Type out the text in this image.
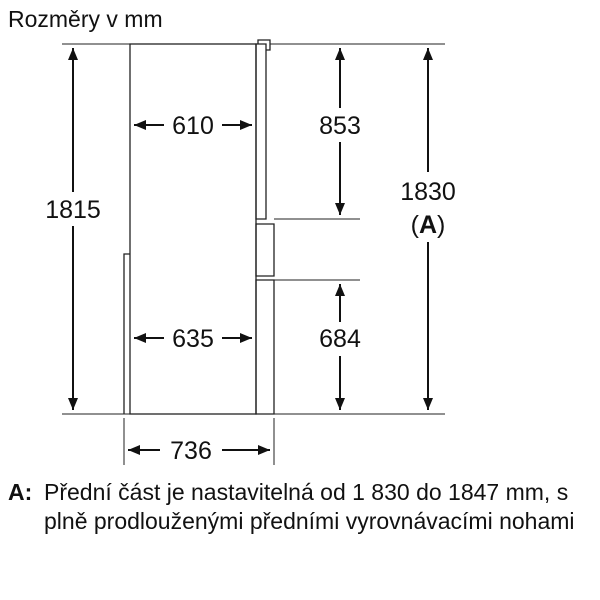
Rozměry v mm
610
635
736
1815
853
684
1830
(A)
A: Přední část je nastavitelná od 1 830 do 1847 mm, s plně prodlouženými předními vyrovnávacími nohami
